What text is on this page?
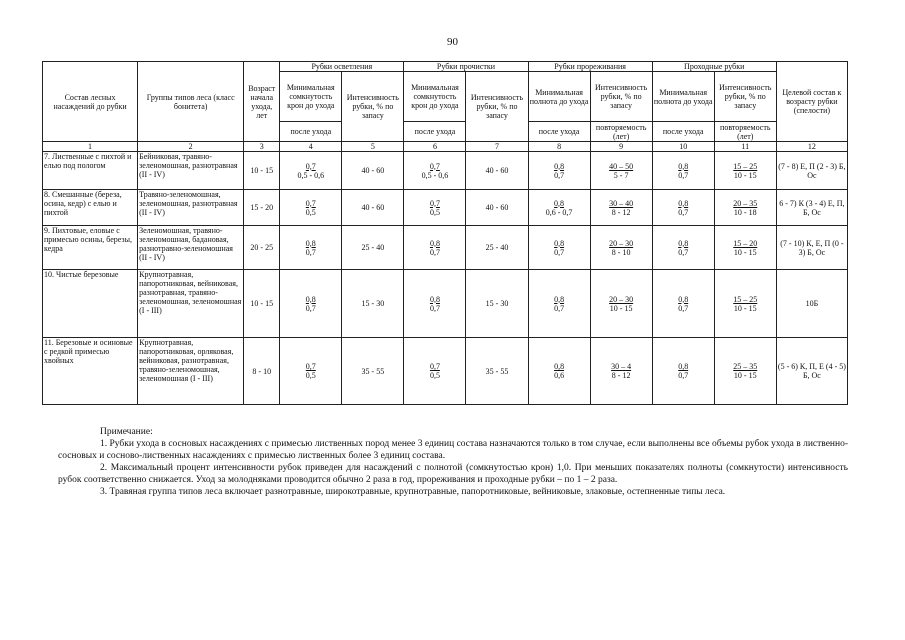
90
Состав лесных насаждений до рубки	Группы типов леса (класс бонитета)	Возраст начала ухода, лет	Рубки осветления		Рубки прочистки		Рубки прореживания		Проходные рубки		Целевой состав к возрасту рубки (спелости)
			Минимальная сомкнутость крон до ухода	Интенсивность рубки, % по запасу	Минимальная сомкнутость крон до ухода	Интенсивность рубки, % по запасу	Минимальная полнота до ухода	Интенсивность рубки, % по запасу	Минимальная полнота до ухода	Интенсивность рубки, % по запасу	
			после ухода		после ухода		после ухода	повторяемость (лет)	после ухода	повторяемость (лет)	
1	2	3	4	5	6	7	8	9	10	11	12
7. Лиственные с пихтой и елью под пологом	Бейниковая, травяно-зеленомошная, разнотравная (II - IV)	10 - 15	$\frac{0,7}{0,5 - 0,6}$	40 - 60	$\frac{0,7}{0,5 - 0,6}$	40 - 60	$\frac{0,8}{0,7}$	$\frac{40 - 50}{5 - 7}$	$\frac{0,8}{0,7}$	$\frac{15 - 25}{10 - 15}$	(7 - 8) Е, П (2 - 3) Б, Ос
8. Смешанные (береза, осина, кедр) с елью и пихтой	Травяно-зеленомошная, зеленомошная, разнотравная (II - IV)	15 - 20	$\frac{0,7}{0,5}$	40 - 60	$\frac{0,7}{0,5}$	40 - 60	$\frac{0,8}{0,6 - 0,7}$	$\frac{30 - 40}{8 - 12}$	$\frac{0,8}{0,7}$	$\frac{20 - 35}{10 - 18}$	6 - 7) К (3 - 4) Е, П, Б, Ос
9. Пихтовые, еловые с примесью осины, березы, кедра	Зеленомошная, травяно-зеленомошная, бадановая, разнотравно-зеленомошная (II - IV)	20 - 25	$\frac{0,8}{0,7}$	25 - 40	$\frac{0,8}{0,7}$	25 - 40	$\frac{0,8}{0,7}$	$\frac{20 - 30}{8 - 10}$	$\frac{0,8}{0,7}$	$\frac{15 - 20}{10 - 15}$	(7 - 10) К, Е, П (0 - 3) Б, Ос
10. Чистые березовые	Крупнотравная, папоротниковая, вейниковая, разнотравная, травяно-зеленомошная, зеленомошная (I - III)	10 - 15	$\frac{0,8}{0,7}$	15 - 30	$\frac{0,8}{0,7}$	15 - 30	$\frac{0,8}{0,7}$	$\frac{20 - 30}{10 - 15}$	$\frac{0,8}{0,7}$	$\frac{15 - 25}{10 - 15}$	10Б
11. Березовые и осиновые с редкой примесью хвойных	Крупнотравная, папоротниковая, орляковая, вейниковая, разнотравная, травяно-зеленомошная, зеленомошная (I - III)	8 - 10	$\frac{0,7}{0,5}$	35 - 55	$\frac{0,7}{0,5}$	35 - 55	$\frac{0,8}{0,6}$	$\frac{30 - 4}{8 - 12}$	$\frac{0,8}{0,7}$	$\frac{25 - 35}{10 - 15}$	(5 - 6) К, П, Е (4 - 5) Б, Ос

Примечание:

1. Рубки ухода в сосновых насаждениях с примесью лиственных пород менее 3 единиц состава назначаются только в том случае, если выполнены все объемы рубок ухода в лиственно-сосновых и сосново-лиственных насаждениях с примесью лиственных более 3 единиц состава.

2. Максимальный процент интенсивности рубок приведен для насаждений с полнотой (сомкнутостью крон) 1,0. При меньших показателях полноты (сомкнутости) интенсивность рубок соответственно снижается. Уход за молодняками проводится обычно 2 раза в год, прореживания и проходные рубки – по 1 – 2 раза.

3. Травяная группа типов леса включает разнотравные, широкотравные, крупнотравные, папоротниковые, вейниковые, злаковые, остепненные типы леса.
